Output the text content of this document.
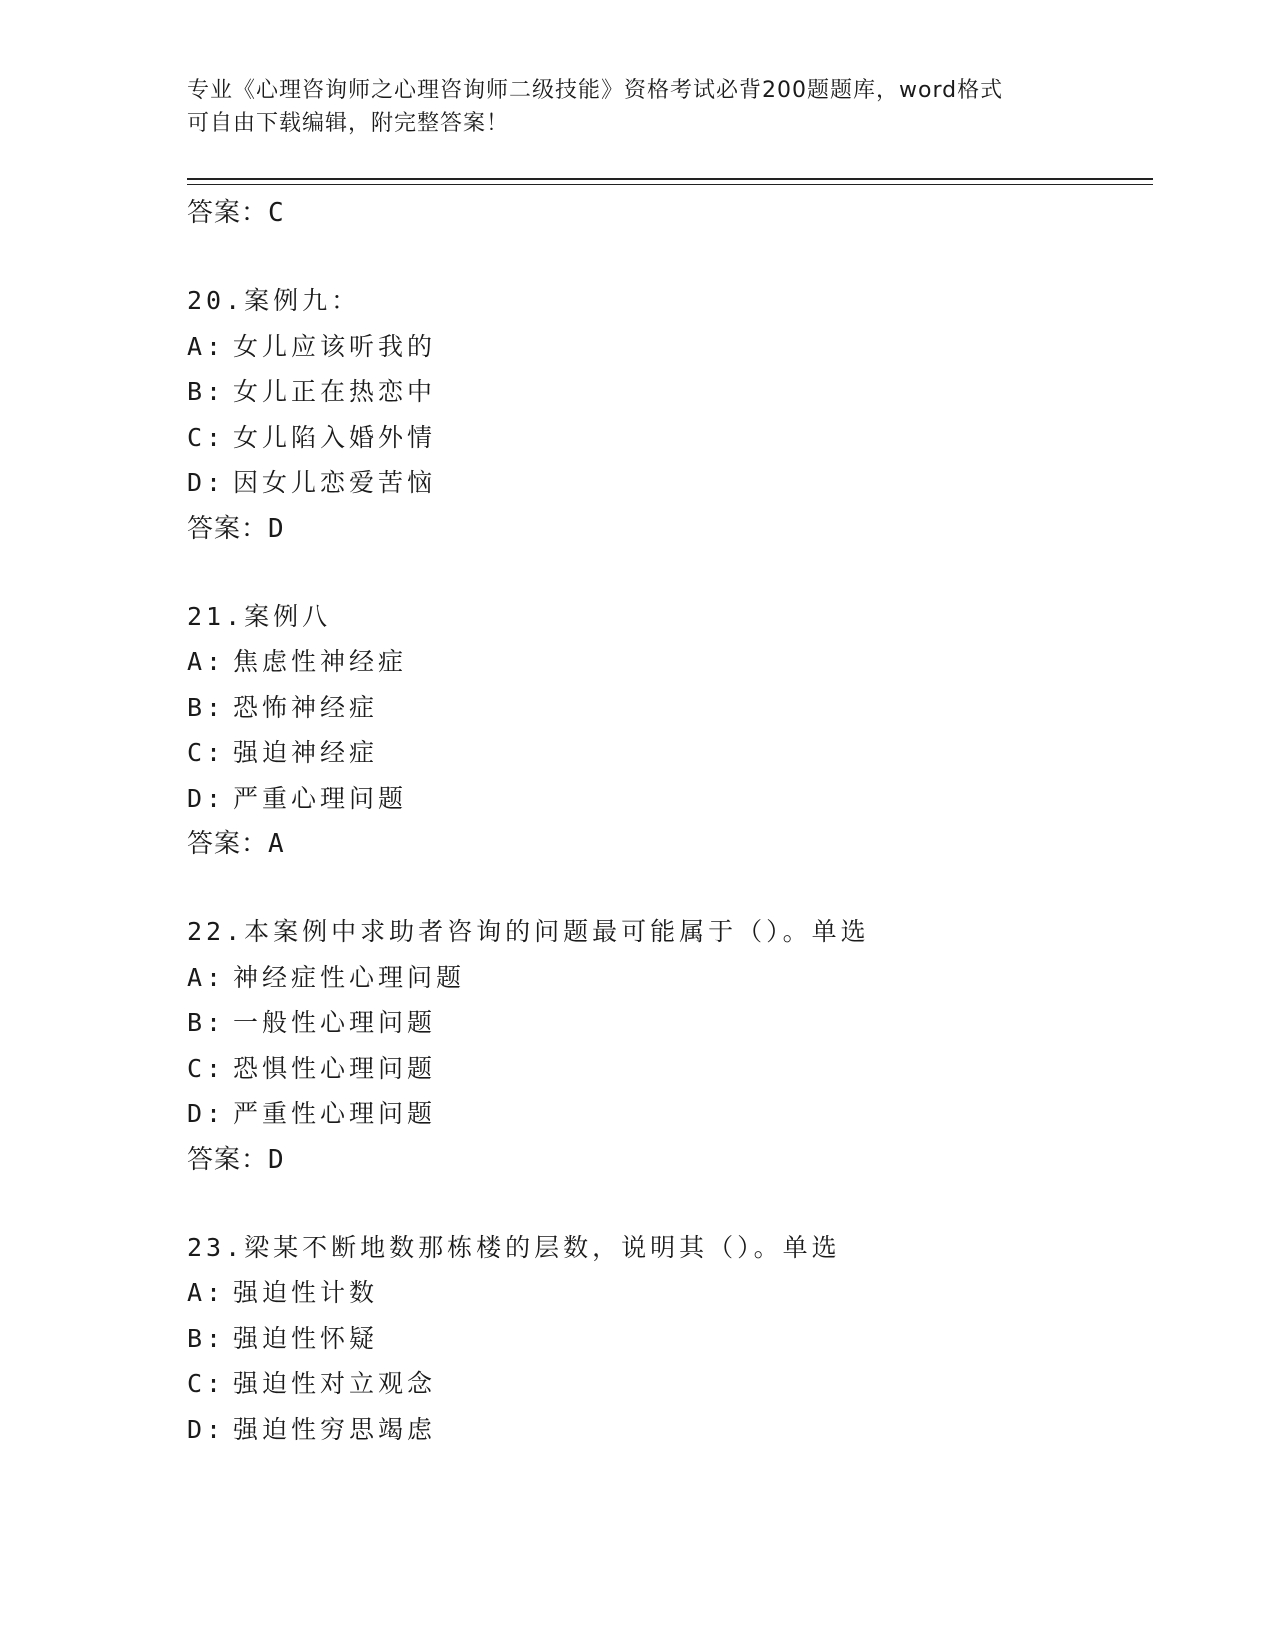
专业《心理咨询师之心理咨询师二级技能》资格考试必背200题题库，word格式
可自由下载编辑，附完整答案！
答案：C
20.案例九：
A: 女儿应该听我的
B: 女儿正在热恋中
C: 女儿陷入婚外情
D: 因女儿恋爱苦恼
答案：D
21.案例八
A: 焦虑性神经症
B: 恐怖神经症
C: 强迫神经症
D: 严重心理问题
答案：A
22.本案例中求助者咨询的问题最可能属于（）。单选
A: 神经症性心理问题
B: 一般性心理问题
C: 恐惧性心理问题
D: 严重性心理问题
答案：D
23.梁某不断地数那栋楼的层数，说明其（）。单选
A: 强迫性计数
B: 强迫性怀疑
C: 强迫性对立观念
D: 强迫性穷思竭虑
